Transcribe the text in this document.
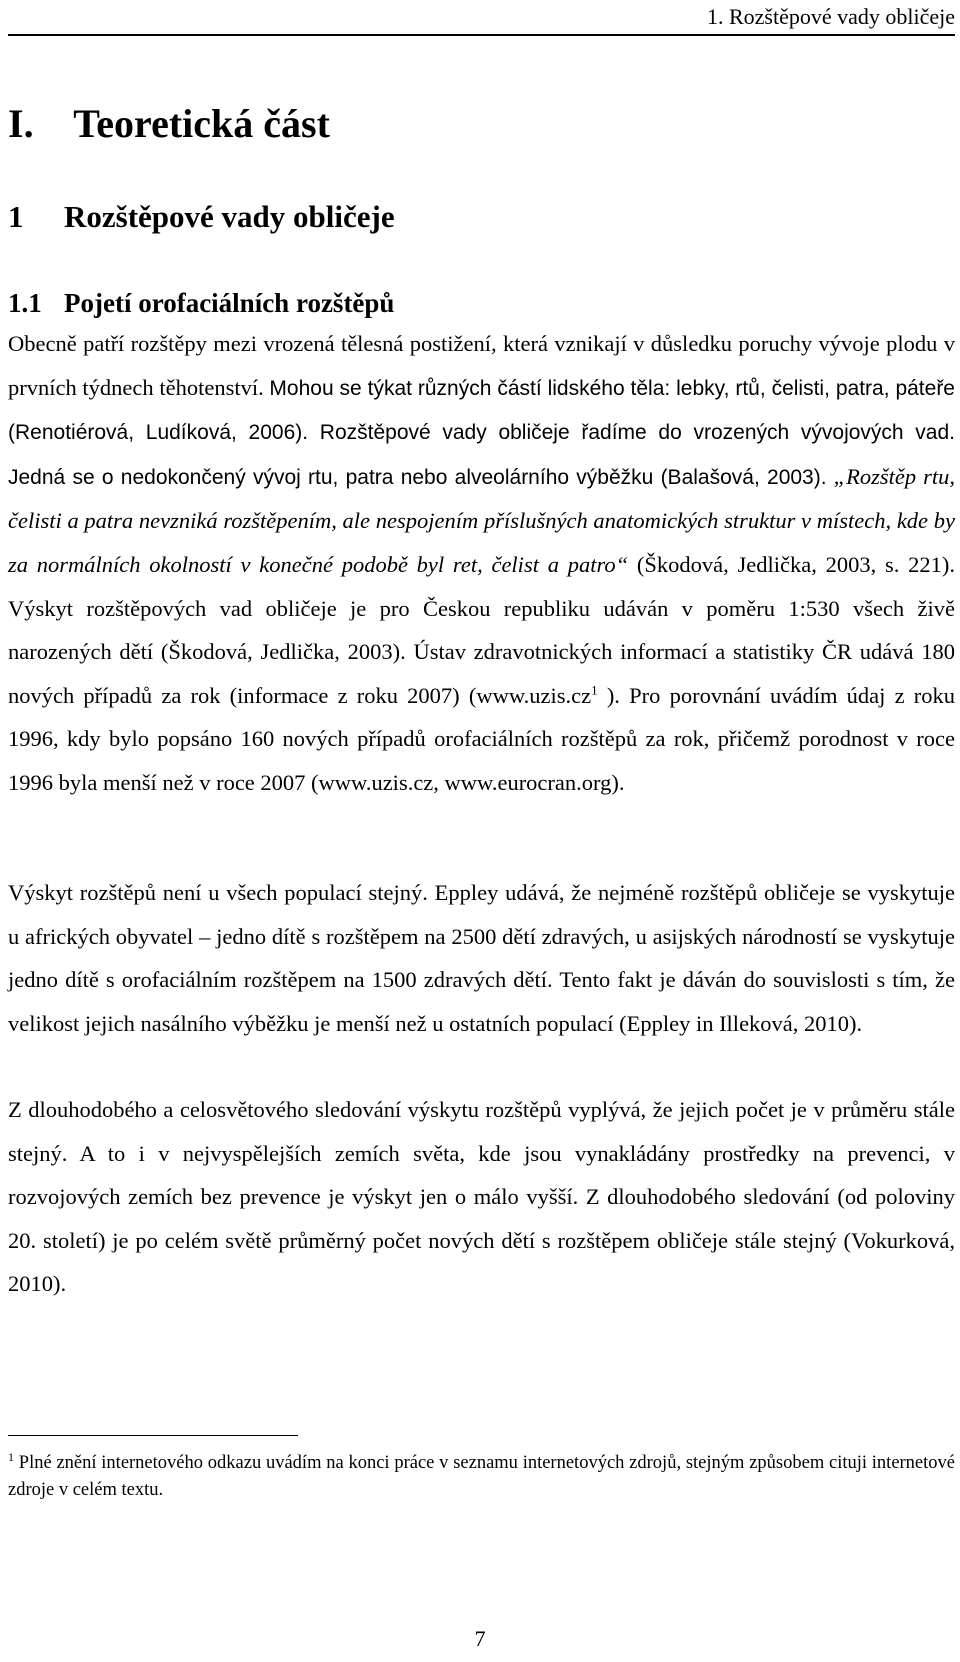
1. Rozštěpové vady obličeje
I. Teoretická část
1 Rozštěpové vady obličeje
1.1 Pojetí orofaciálních rozštěpů

Obecně patří rozštěpy mezi vrozená tělesná postižení, která vznikají v důsledku poruchy vývoje plodu v prvních týdnech těhotenství. Mohou se týkat různých částí lidského těla: lebky, rtů, čelisti, patra, páteře (Renotiérová, Ludíková, 2006). Rozštěpové vady obličeje řadíme do vrozených vývojových vad. Jedná se o nedokončený vývoj rtu, patra nebo alveolárního výběžku (Balašová, 2003). „Rozštěp rtu, čelisti a patra nevzniká rozštěpením, ale nespojením příslušných anatomických struktur v místech, kde by za normálních okolností v konečné podobě byl ret, čelist a patro“ (Škodová, Jedlička, 2003, s. 221). Výskyt rozštěpových vad obličeje je pro Českou republiku udáván v poměru 1:530 všech živě narozených dětí (Škodová, Jedlička, 2003). Ústav zdravotnických informací a statistiky ČR udává 180 nových případů za rok (informace z roku 2007) ($www.uzis.cz^1$ ). Pro porovnání uvádím údaj z roku 1996, kdy bylo popsáno 160 nových případů orofaciálních rozštěpů za rok, přičemž porodnost v roce 1996 byla menší než v roce 2007 (www.uzis.cz, www.eurocran.org).

Výskyt rozštěpů není u všech populací stejný. Eppley udává, že nejméně rozštěpů obličeje se vyskytuje u afrických obyvatel – jedno dítě s rozštěpem na 2500 dětí zdravých, u asijských národností se vyskytuje jedno dítě s orofaciálním rozštěpem na 1500 zdravých dětí. Tento fakt je dáván do souvislosti s tím, že velikost jejich nasálního výběžku je menší než u ostatních populací (Eppley in Illeková, 2010).

Z dlouhodobého a celosvětového sledování výskytu rozštěpů vyplývá, že jejich počet je v průměru stále stejný. A to i v nejvyspělejších zemích světa, kde jsou vynakládány prostředky na prevenci, v rozvojových zemích bez prevence je výskyt jen o málo vyšší. Z dlouhodobého sledování (od poloviny 20. století) je po celém světě průměrný počet nových dětí s rozštěpem obličeje stále stejný (Vokurková, 2010).

$^1$ Plné znění internetového odkazu uvádím na konci práce v seznamu internetových zdrojů, stejným způsobem cituji internetové zdroje v celém textu.

7
